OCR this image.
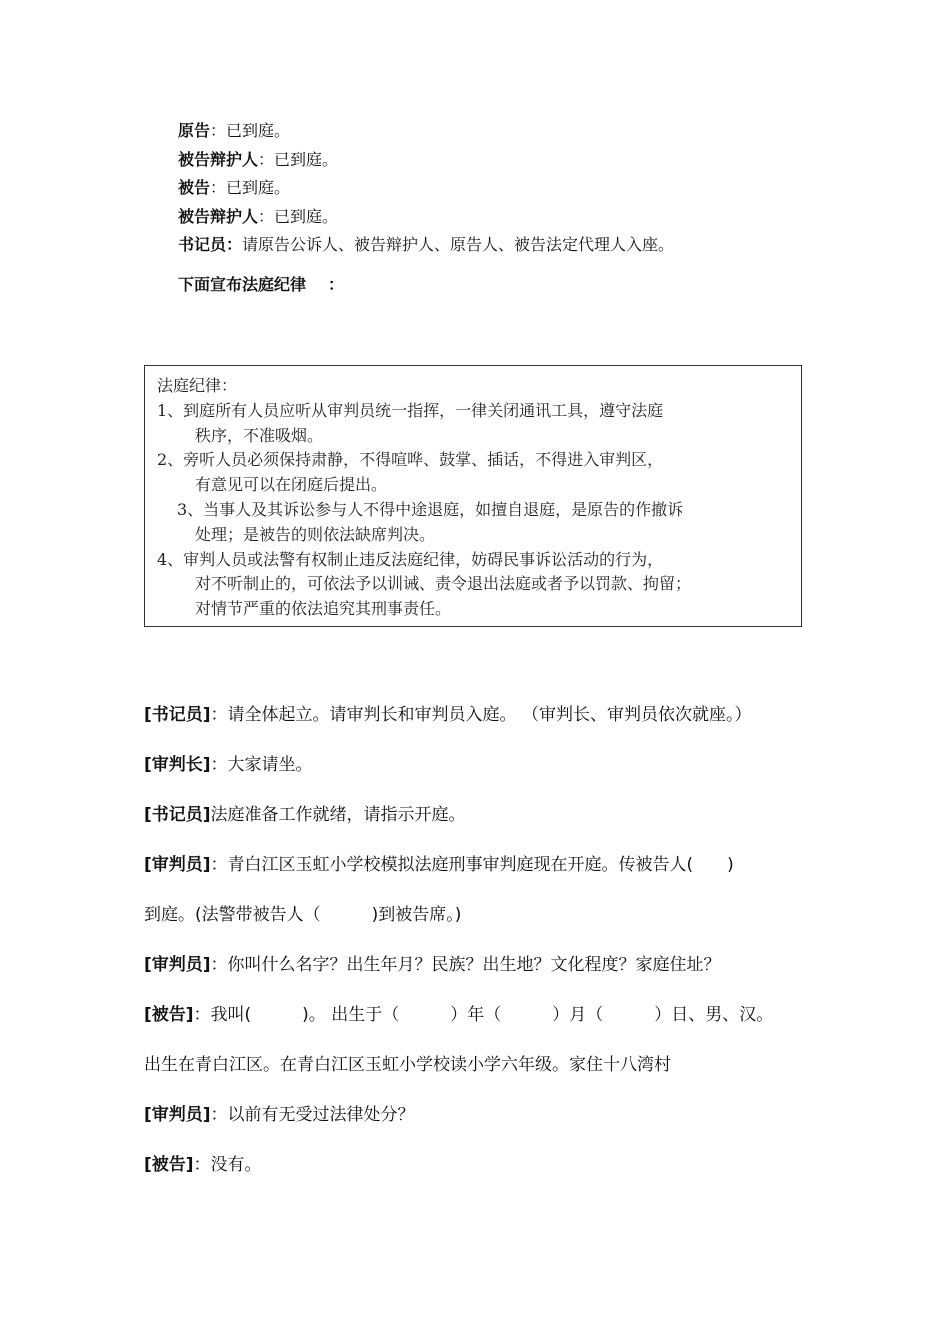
原告：已到庭。
被告辩护人：已到庭。
被告：已到庭。
被告辩护人：已到庭。
书记员：请原告公诉人、被告辩护人、原告人、被告法定代理人入座。
下面宣布法庭纪律 ：
法庭纪律：
1、到庭所有人员应听从审判员统一指挥，一律关闭通讯工具，遵守法庭
秩序，不准吸烟。
2、旁听人员必须保持肃静，不得喧哗、鼓掌、插话，不得进入审判区，
有意见可以在闭庭后提出。
3、当事人及其诉讼参与人不得中途退庭，如擅自退庭，是原告的作撤诉
处理；是被告的则依法缺席判决。
4、审判人员或法警有权制止违反法庭纪律，妨碍民事诉讼活动的行为，
对不听制止的，可依法予以训诫、责令退出法庭或者予以罚款、拘留；
对情节严重的依法追究其刑事责任。
[书记员]：请全体起立。请审判长和审判员入庭。 （审判长、审判员依次就座。）
[审判长]：大家请坐。
[书记员]法庭准备工作就绪，请指示开庭。
[审判员]：青白江区玉虹小学校模拟法庭刑事审判庭现在开庭。传被告人(　　)
到庭。(法警带被告人（　　　)到被告席。)
[审判员]：你叫什么名字？出生年月？民族？出生地？文化程度？家庭住址？
[被告]：我叫(　　　)。 出生于（　　　）年（　　　）月（　　　）日、男、汉。
出生在青白江区。在青白江区玉虹小学校读小学六年级。家住十八湾村
[审判员]：以前有无受过法律处分？
[被告]：没有。
